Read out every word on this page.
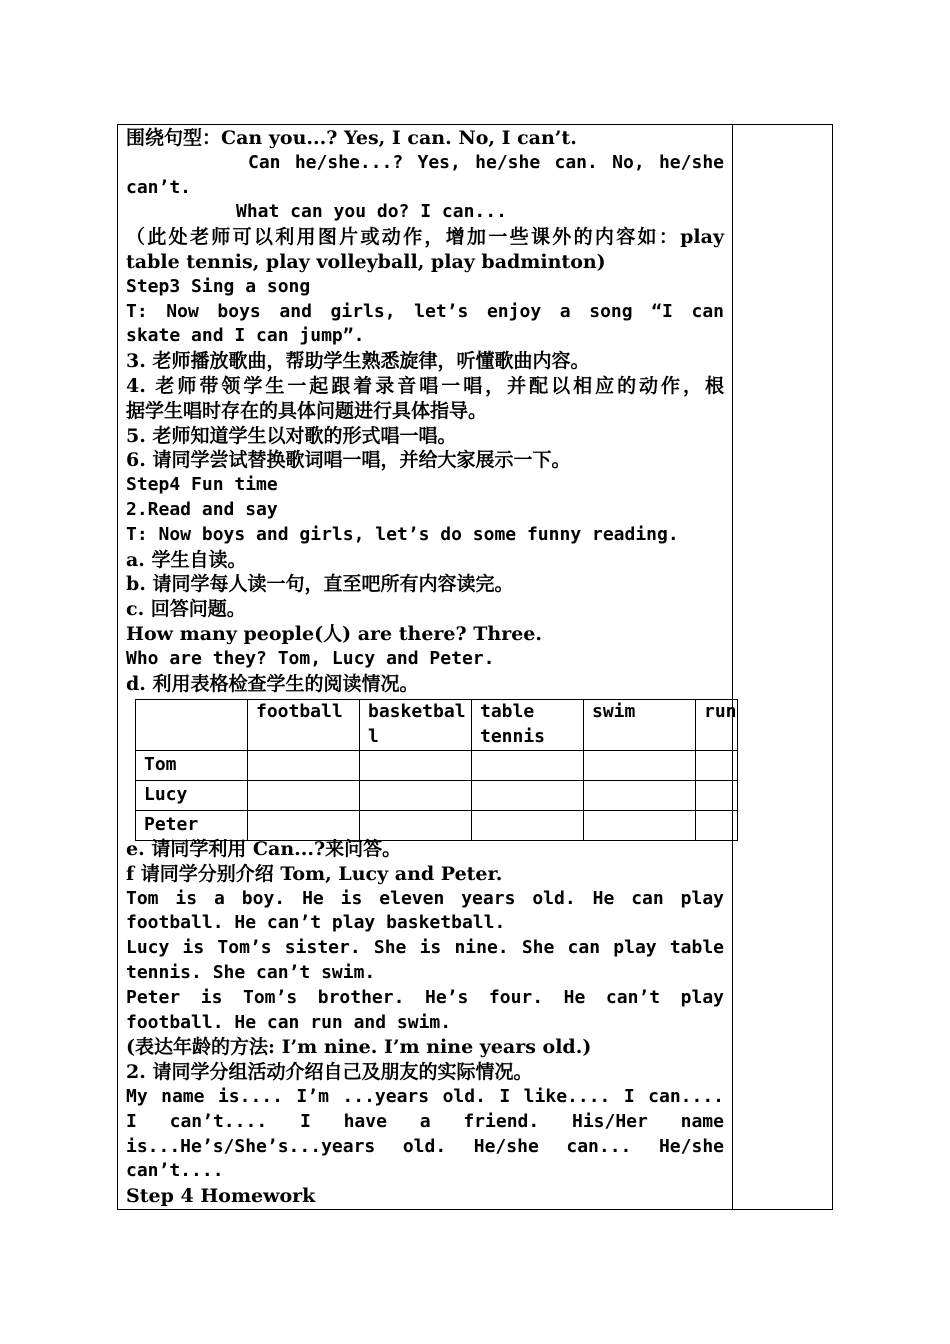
围绕句型：Can you...? Yes, I can. No, I can’t.
Can he/she...? Yes, he/she can. No, he/she
can’t.
What can you do? I can...
（此处老师可以利用图片或动作，增加一些课外的内容如：play
table tennis, play volleyball, play badminton)
Step3 Sing a song
T: Now boys and girls, let’s enjoy a song “I can
skate and I can jump”.
3. 老师播放歌曲，帮助学生熟悉旋律，听懂歌曲内容。
4. 老师带领学生一起跟着录音唱一唱，并配以相应的动作，根
据学生唱时存在的具体问题进行具体指导。
5. 老师知道学生以对歌的形式唱一唱。
6. 请同学尝试替换歌词唱一唱，并给大家展示一下。
Step4 Fun time
2.Read and say
T: Now boys and girls, let’s do some funny reading.
a. 学生自读。
b. 请同学每人读一句，直至吧所有内容读完。
c. 回答问题。
How many people(人) are there? Three.
Who are they? Tom, Lucy and Peter.
d. 利用表格检查学生的阅读情况。
	football	basketball	table tennis	swim	run
Tom					
Lucy					
Peter					
e. 请同学利用 Can...?来问答。
f 请同学分别介绍 Tom, Lucy and Peter.
Tom is a boy. He is eleven years old. He can play
football. He can’t play basketball.
Lucy is Tom’s sister. She is nine. She can play table
tennis. She can’t swim.
Peter is Tom’s brother. He’s four. He can’t play
football. He can run and swim.
(表达年龄的方法: I’m nine. I’m nine years old.)
2. 请同学分组活动介绍自己及朋友的实际情况。
My name is.... I’m ...years old. I like.... I can....
I can’t.... I have a friend. His/Her name
is...He’s/She’s...years old. He/she can... He/she
can’t....
Step 4 Homework
